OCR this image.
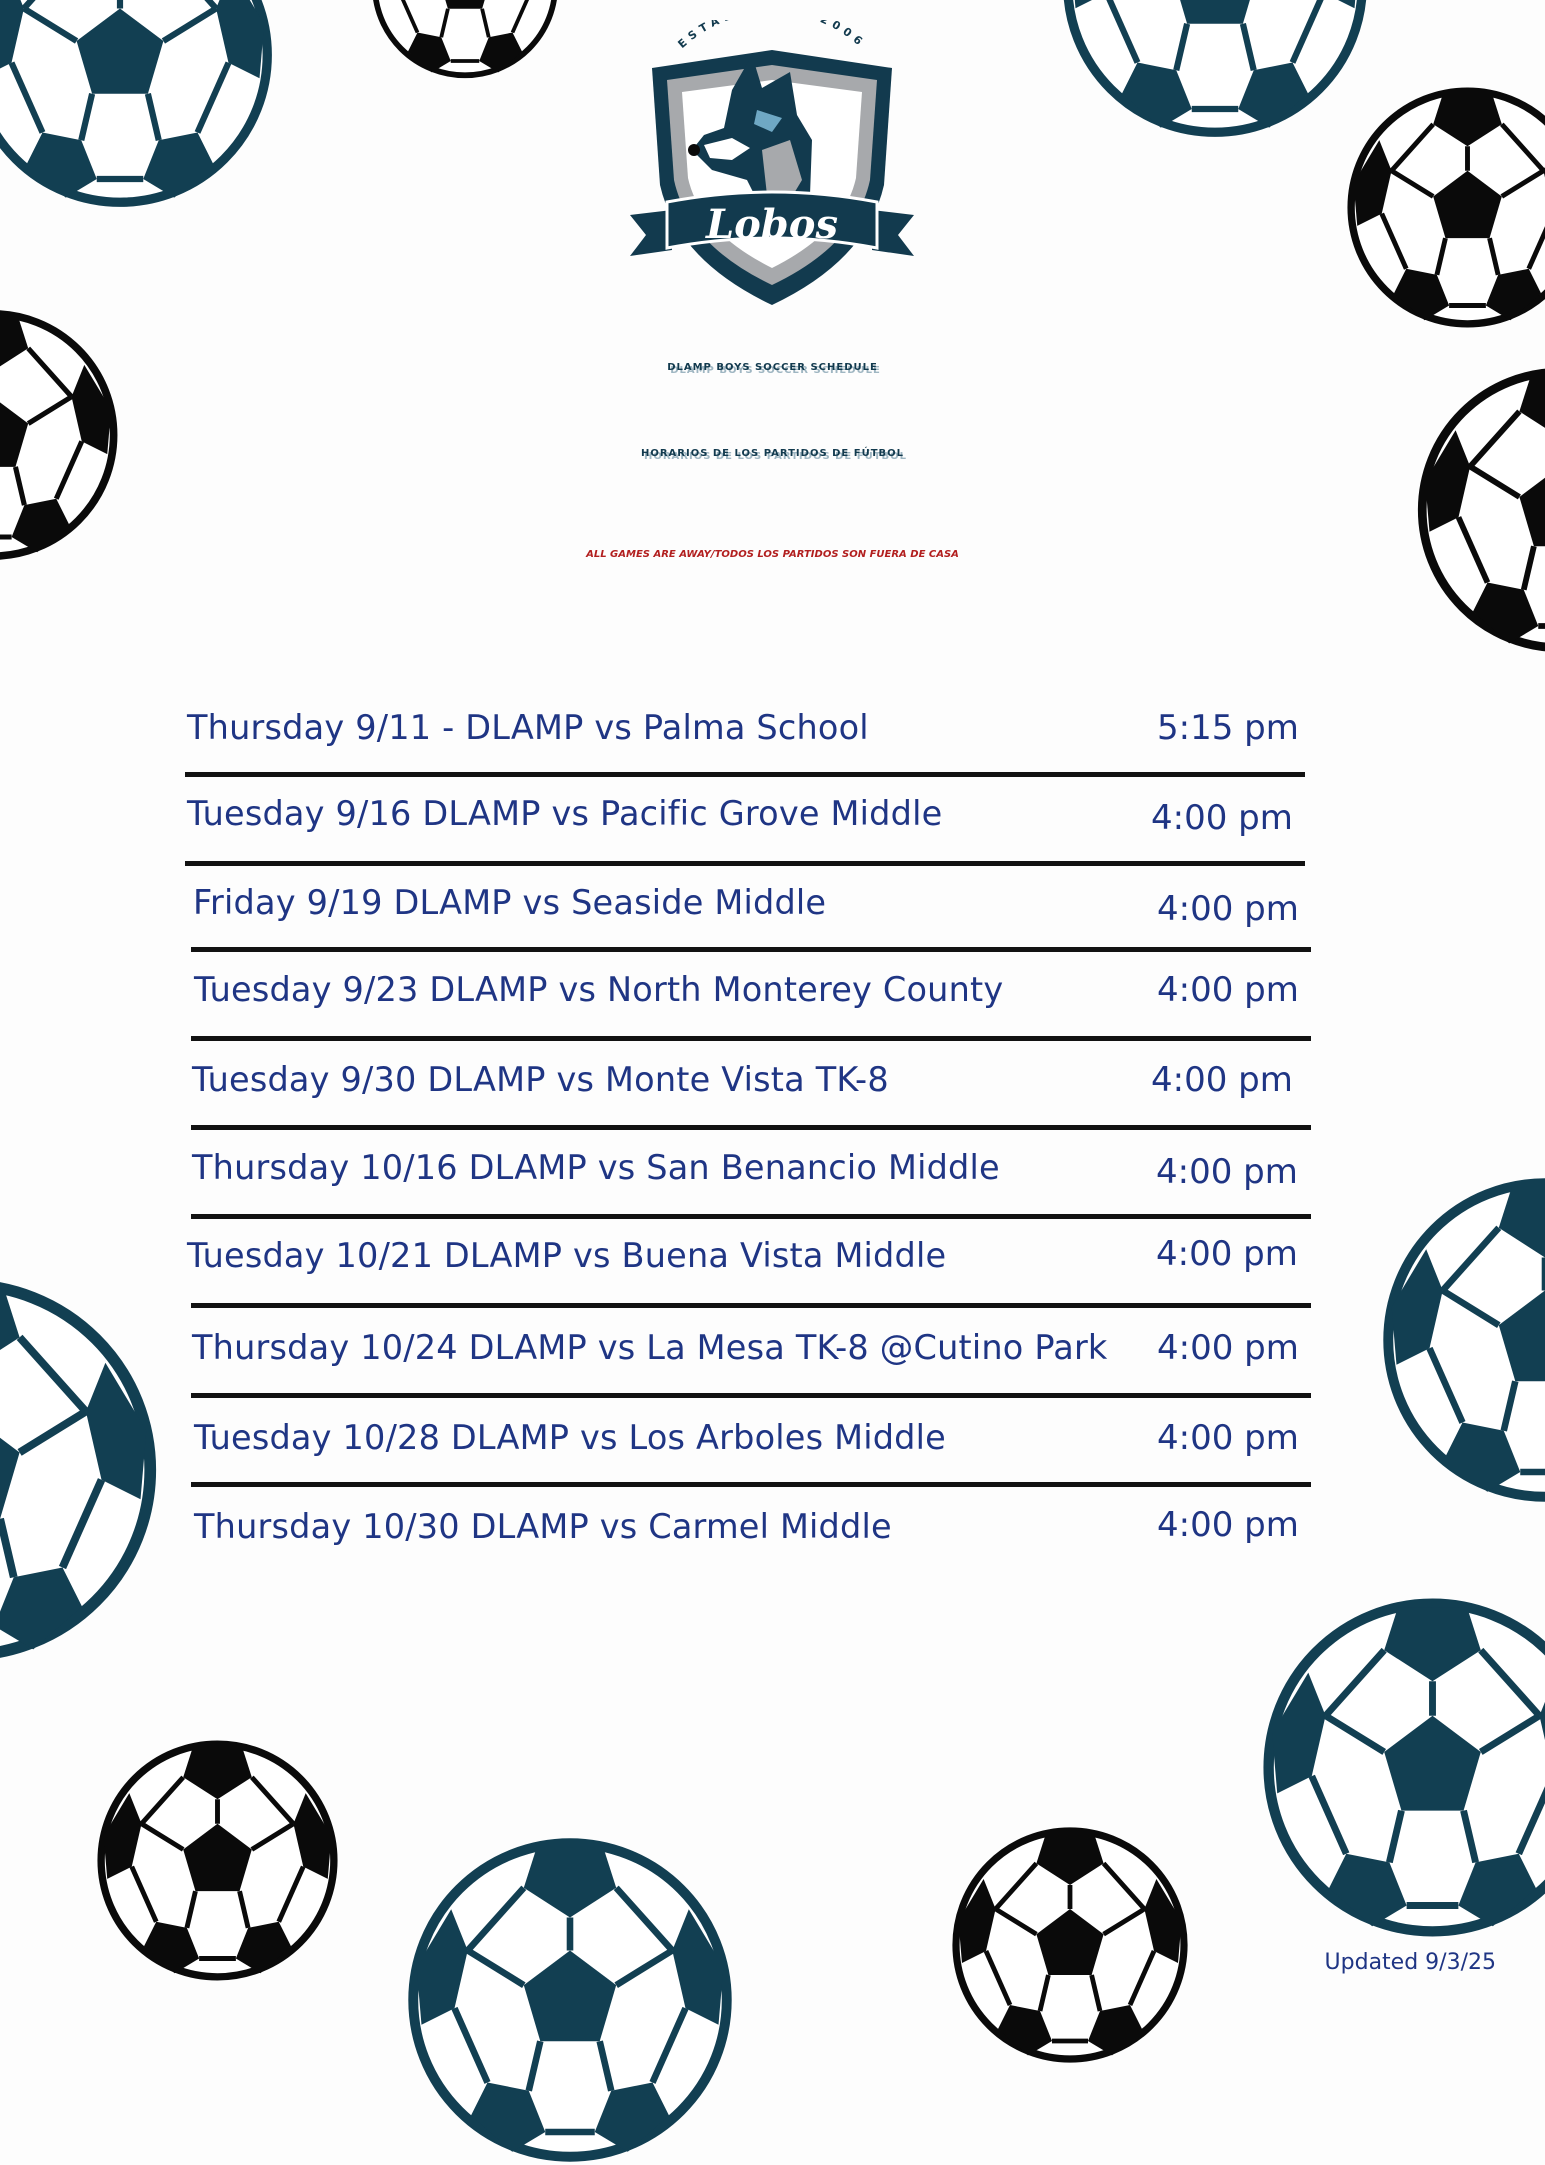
ESTA 2006
Lobos
DLAMP BOYS SOCCER SCHEDULE
HORARIOS DE LOS PARTIDOS DE FÚTBOL
ALL GAMES ARE AWAY/TODOS LOS PARTIDOS SON FUERA DE CASA
Thursday 9/11 - DLAMP vs Palma School	5:15 pm
Tuesday 9/16 DLAMP vs Pacific Grove Middle	4:00 pm
Friday 9/19 DLAMP vs Seaside Middle	4:00 pm
Tuesday 9/23 DLAMP vs North Monterey County	4:00 pm
Tuesday 9/30 DLAMP vs Monte Vista TK-8	4:00 pm
Thursday 10/16 DLAMP vs San Benancio Middle	4:00 pm
Tuesday 10/21 DLAMP vs Buena Vista Middle	4:00 pm
Thursday 10/24 DLAMP vs La Mesa TK-8 @Cutino Park 4:00 pm
Tuesday 10/28 DLAMP vs Los Arboles Middle	4:00 pm
Thursday 10/30 DLAMP vs Carmel Middle	4:00 pm
Updated 9/3/25
